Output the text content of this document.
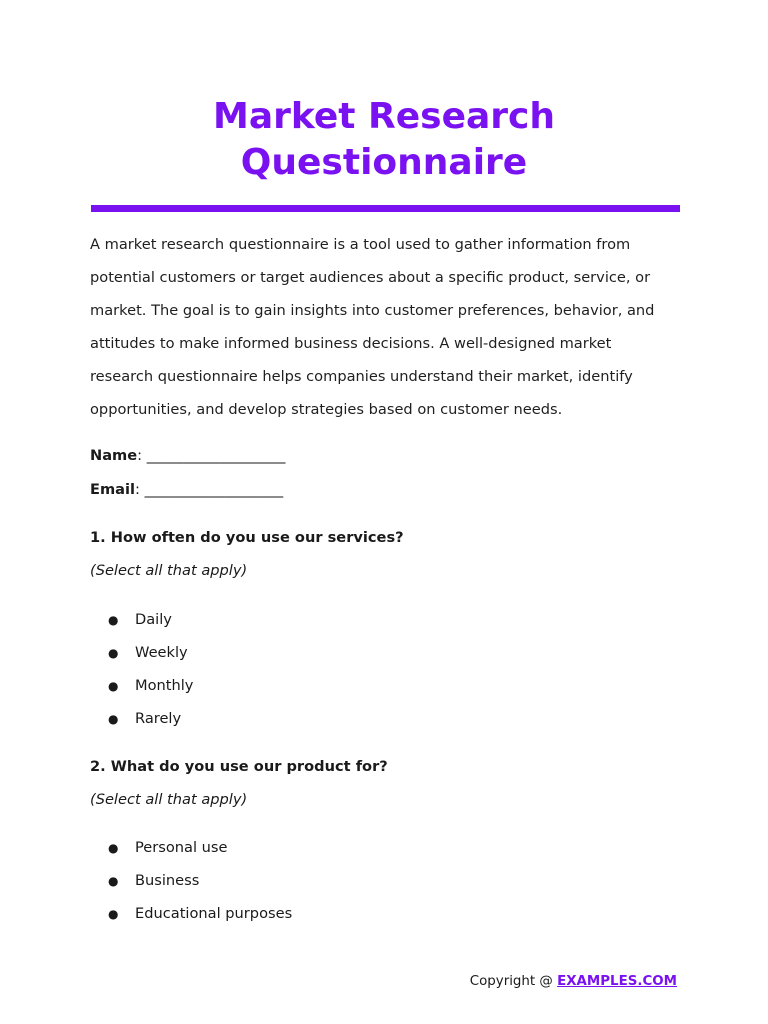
Market Research
Questionnaire
A market research questionnaire is a tool used to gather information from
potential customers or target audiences about a specific product, service, or
market. The goal is to gain insights into customer preferences, behavior, and
attitudes to make informed business decisions. A well-designed market
research questionnaire helps companies understand their market, identify
opportunities, and develop strategies based on customer needs.
Name: ___________________
Email: ___________________
1. How often do you use our services?
(Select all that apply)
●	Daily
●	Weekly
●	Monthly
●	Rarely
2. What do you use our product for?
(Select all that apply)
●	Personal use
●	Business
●	Educational purposes
Copyright @ EXAMPLES.COM
